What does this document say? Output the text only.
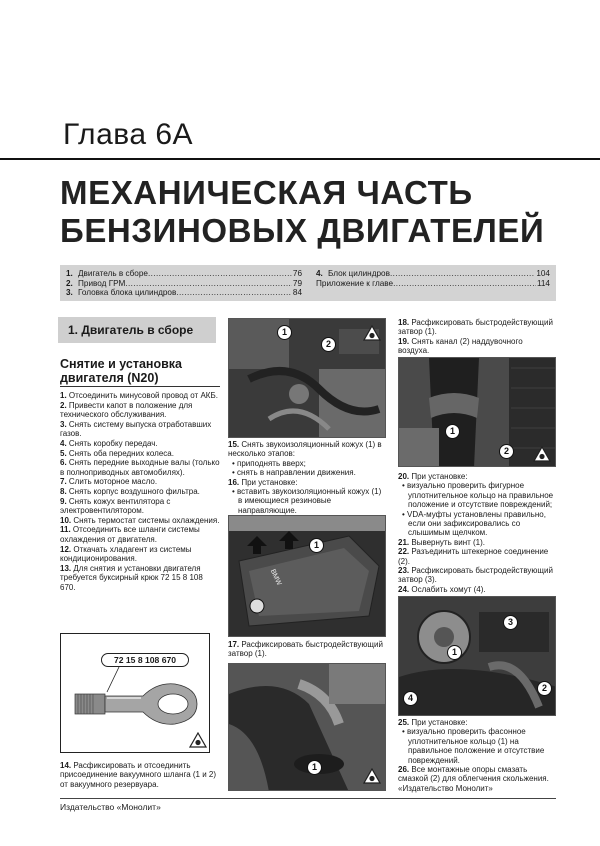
Глава 6А
МЕХАНИЧЕСКАЯ ЧАСТЬ
БЕНЗИНОВЫХ ДВИГАТЕЛЕЙ
1. Двигатель в сборе .....	76
2. Привод ГРМ .....	79
3. Головка блока цилиндров .....	84
4. Блок цилиндров .....	104
Приложение к главе .....	114
1. Двигатель в сборе
Снятие и установка
двигателя (N20)
1. Отсоединить минусовой провод от АКБ.
2. Привести капот в положение для технического обслуживания.
3. Снять систему выпуска отработавших газов.
4. Снять коробку передач.
5. Снять оба передних колеса.
6. Снять передние выходные валы (только в полноприводных автомобилях).
7. Слить моторное масло.
8. Снять корпус воздушного фильтра.
9. Снять кожух вентилятора с электровентилятором.
10. Снять термостат системы охлаждения.
11. Отсоединить все шланги системы охлаждения от двигателя.
12. Откачать хладагент из системы кондиционирования.
13. Для снятия и установки двигателя требуется буксирный крюк 72 15 8 108 670.
72 15 8 108 670
14. Расфиксировать и отсоединить присоединение вакуумного шланга (1 и 2) от вакуумного резервуара.
1
2
15. Снять звукоизоляционный кожух (1) в несколько этапов:
• приподнять вверх;
• снять в направлении движения.
16. При установке:
• вставить звукоизоляционный кожух (1) в имеющиеся резиновые направляющие.
BMW
1
17. Расфиксировать быстродействующий затвор (1).
1
18. Расфиксировать быстродействующий затвор (1).
19. Снять канал (2) наддувочного воздуха.
1
2
20. При установке:
• визуально проверить фигурное уплотнительное кольцо на правильное положение и отсутствие повреждений;
• VDA-муфты установлены правильно, если они зафиксировались со слышимым щелчком.
21. Вывернуть винт (1).
22. Разъединить штекерное соединение (2).
23. Расфиксировать быстродействующий затвор (3).
24. Ослабить хомут (4).
3
1
4
2
25. При установке:
• визуально проверить фасонное уплотнительное кольцо (1) на правильное положение и отсутствие повреждений.
26. Все монтажные опоры смазать смазкой (2) для облегчения скольжения. «Издательство Монолит»
Издательство «Монолит»
